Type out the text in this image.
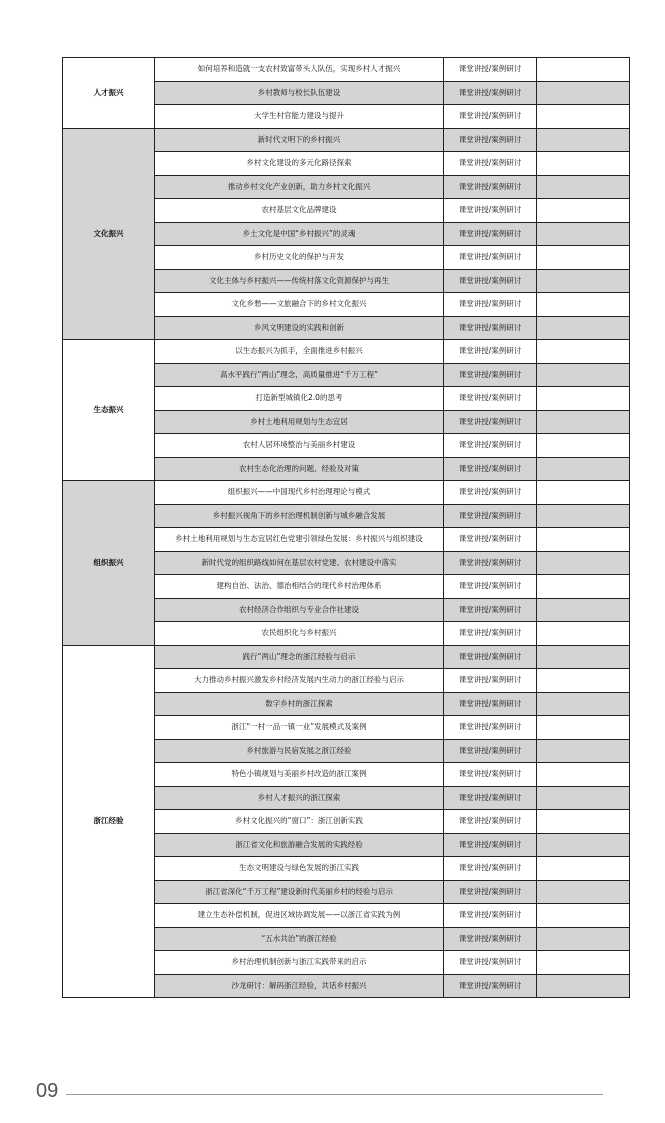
人才振兴	如何培养和造就一支农村致富带头人队伍，实现乡村人才振兴	课堂讲授/案例研讨	
	乡村教师与校长队伍建设	课堂讲授/案例研讨	
	大学生村官能力建设与提升	课堂讲授/案例研讨	
文化振兴	新时代文明下的乡村振兴	课堂讲授/案例研讨	
	乡村文化建设的多元化路径探索	课堂讲授/案例研讨	
	推动乡村文化产业创新，助力乡村文化振兴	课堂讲授/案例研讨	
	农村基层文化品牌建设	课堂讲授/案例研讨	
	乡土文化是中国“乡村振兴”的灵魂	课堂讲授/案例研讨	
	乡村历史文化的保护与开发	课堂讲授/案例研讨	
	文化主体与乡村振兴——传统村落文化资源保护与再生	课堂讲授/案例研讨	
	文化乡愁——文旅融合下的乡村文化振兴	课堂讲授/案例研讨	
	乡风文明建设的实践和创新	课堂讲授/案例研讨	
生态振兴	以生态振兴为抓手，全面推进乡村振兴	课堂讲授/案例研讨	
	高水平践行“两山”理念，高质量推进“千万工程”	课堂讲授/案例研讨	
	打造新型城镇化2.0的思考	课堂讲授/案例研讨	
	乡村土地利用规划与生态宜居	课堂讲授/案例研讨	
	农村人居环境整治与美丽乡村建设	课堂讲授/案例研讨	
	农村生态化治理的问题、经验及对策	课堂讲授/案例研讨	
组织振兴	组织振兴——中国现代乡村治理理论与模式	课堂讲授/案例研讨	
	乡村振兴视角下的乡村治理机制创新与城乡融合发展	课堂讲授/案例研讨	
	乡村土地利用规划与生态宜居红色党建引领绿色发展：乡村振兴与组织建设	课堂讲授/案例研讨	
	新时代党的组织路线如何在基层农村党建、农村建设中落实	课堂讲授/案例研讨	
	建构自治、法治、德治相结合的现代乡村治理体系	课堂讲授/案例研讨	
	农村经济合作组织与专业合作社建设	课堂讲授/案例研讨	
	农民组织化与乡村振兴	课堂讲授/案例研讨	
浙江经验	践行“两山”理念的浙江经验与启示	课堂讲授/案例研讨	
	大力推动乡村振兴激发乡村经济发展内生动力的浙江经验与启示	课堂讲授/案例研讨	
	数字乡村的浙江探索	课堂讲授/案例研讨	
	浙江“一村一品一镇一业”发展模式及案例	课堂讲授/案例研讨	
	乡村旅游与民宿发展之浙江经验	课堂讲授/案例研讨	
	特色小镇规划与美丽乡村改造的浙江案例	课堂讲授/案例研讨	
	乡村人才振兴的浙江探索	课堂讲授/案例研讨	
	乡村文化振兴的“窗口”：浙江创新实践	课堂讲授/案例研讨	
	浙江省文化和旅游融合发展的实践经验	课堂讲授/案例研讨	
	生态文明建设与绿色发展的浙江实践	课堂讲授/案例研讨	
	浙江省深化“千万工程”建设新时代美丽乡村的经验与启示	课堂讲授/案例研讨	
	建立生态补偿机制，促进区域协调发展——以浙江省实践为例	课堂讲授/案例研讨	
	“五水共治”的浙江经验	课堂讲授/案例研讨	
	乡村治理机制创新与浙江实践带来的启示	课堂讲授/案例研讨	
	沙龙研讨：解码浙江经验，共话乡村振兴	课堂讲授/案例研讨	
09
